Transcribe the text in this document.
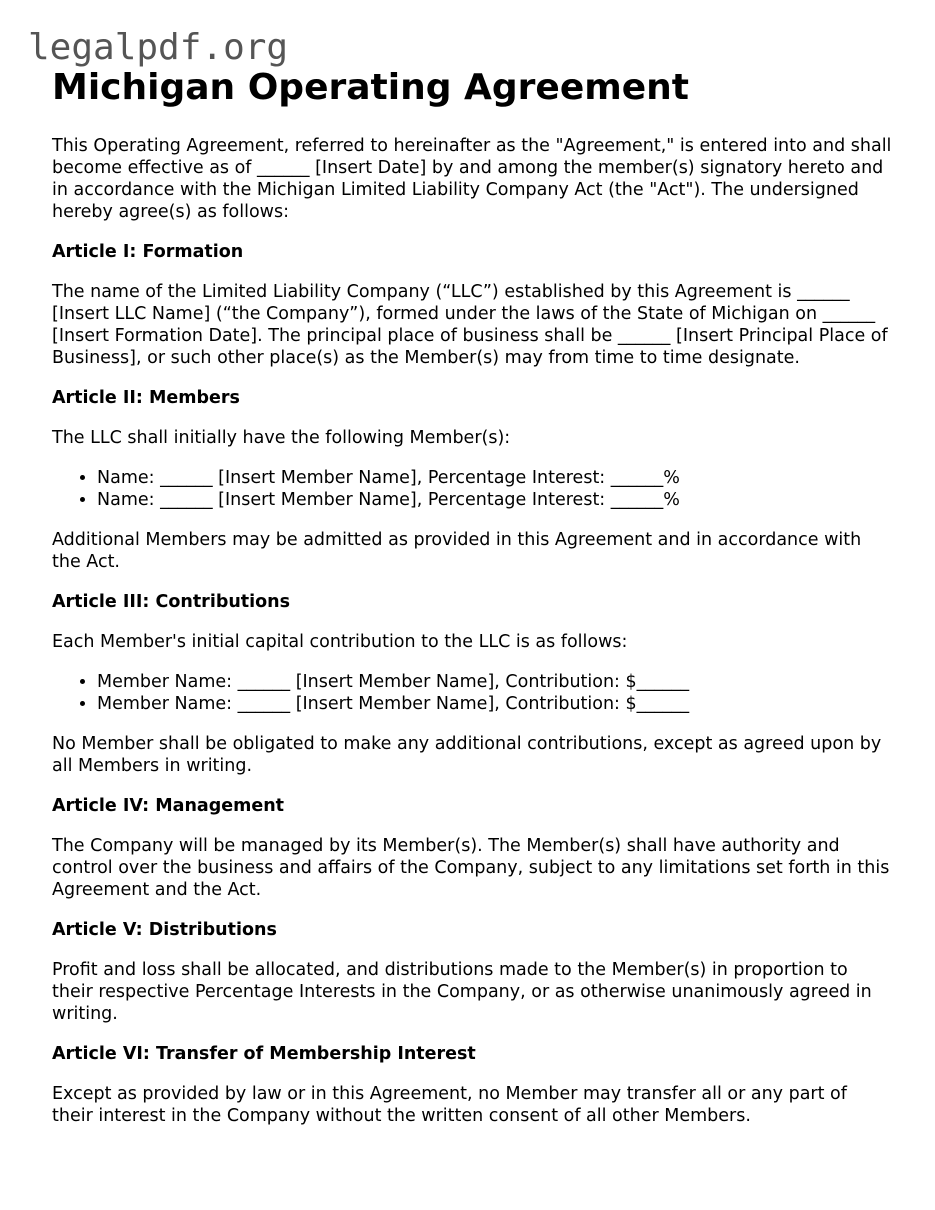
legalpdf.org
Michigan Operating Agreement

This Operating Agreement, referred to hereinafter as the "Agreement," is entered into and shall become effective as of ______ [Insert Date] by and among the member(s) signatory hereto and in accordance with the Michigan Limited Liability Company Act (the "Act"). The undersigned hereby agree(s) as follows:

Article I: Formation

The name of the Limited Liability Company (“LLC”) established by this Agreement is ______ [Insert LLC Name] (“the Company”), formed under the laws of the State of Michigan on ______ [Insert Formation Date]. The principal place of business shall be ______ [Insert Principal Place of Business], or such other place(s) as the Member(s) may from time to time designate.

Article II: Members

The LLC shall initially have the following Member(s):

• Name: ______ [Insert Member Name], Percentage Interest: ______%
• Name: ______ [Insert Member Name], Percentage Interest: ______%

Additional Members may be admitted as provided in this Agreement and in accordance with the Act.

Article III: Contributions

Each Member's initial capital contribution to the LLC is as follows:

• Member Name: ______ [Insert Member Name], Contribution: $______
• Member Name: ______ [Insert Member Name], Contribution: $______

No Member shall be obligated to make any additional contributions, except as agreed upon by all Members in writing.

Article IV: Management

The Company will be managed by its Member(s). The Member(s) shall have authority and control over the business and affairs of the Company, subject to any limitations set forth in this Agreement and the Act.

Article V: Distributions

Profit and loss shall be allocated, and distributions made to the Member(s) in proportion to their respective Percentage Interests in the Company, or as otherwise unanimously agreed in writing.

Article VI: Transfer of Membership Interest

Except as provided by law or in this Agreement, no Member may transfer all or any part of their interest in the Company without the written consent of all other Members.
